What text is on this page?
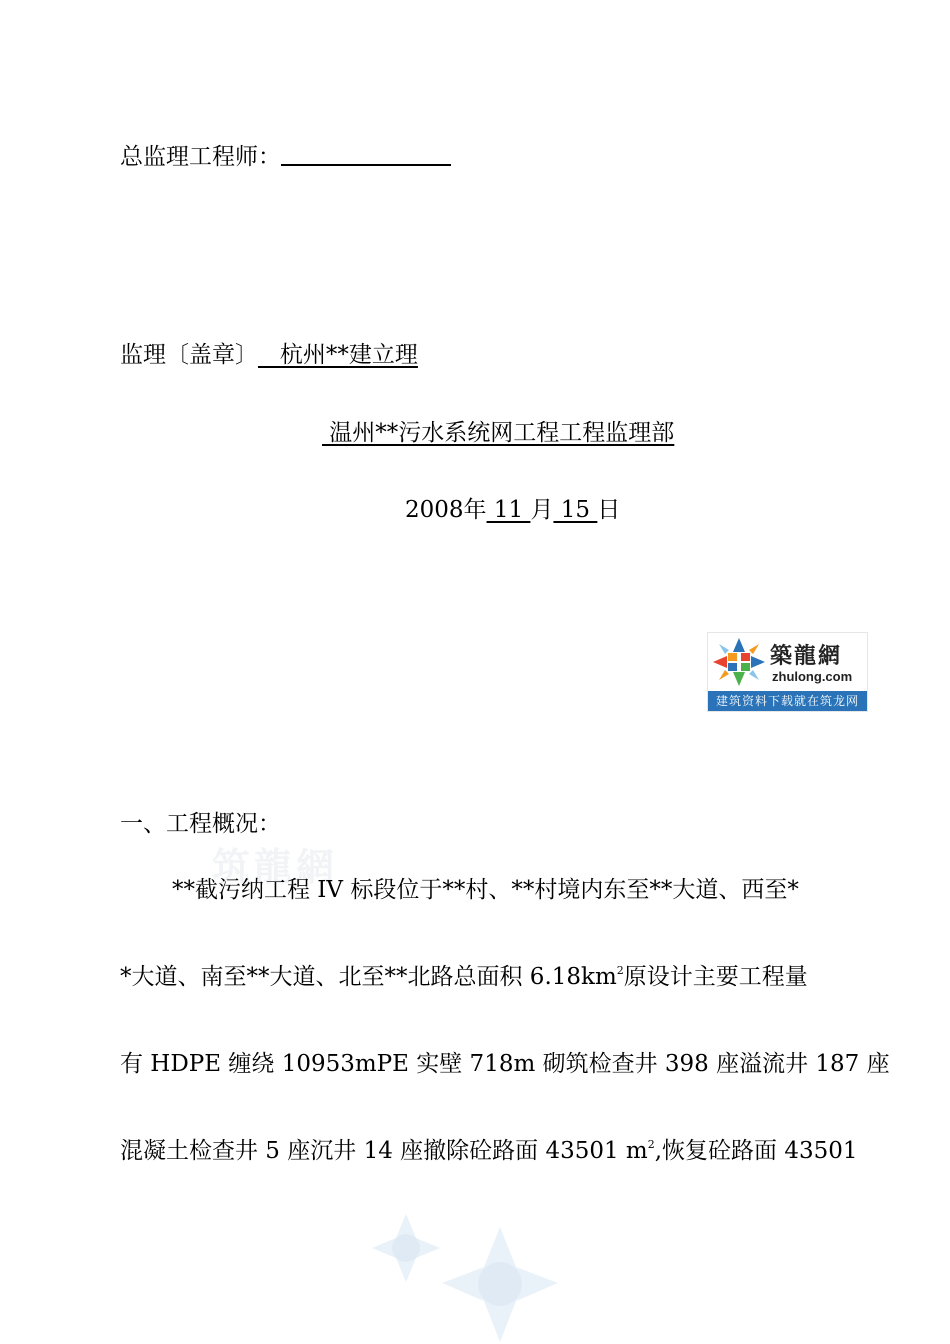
总监理工程师：
监理〔盖章〕   杭州**建立理
温州**污水系统网工程工程监理部
2008年 11 月 15 日
築龍網
zhulong.com
建筑资料下载就在筑龙网
筑龍網
一、工程概况：
**截污纳工程 IV 标段位于**村、**村境内东至**大道、西至*
*大道、南至**大道、北至**北路总面积 $6.18km^2$原设计主要工程量
有 HDPE 缠绕 10953mPE 实壁 718m 砌筑检查井 398 座溢流井 187 座
混凝土检查井 5 座沉井 14 座撤除砼路面 43501 $m^2$,恢复砼路面 43501
